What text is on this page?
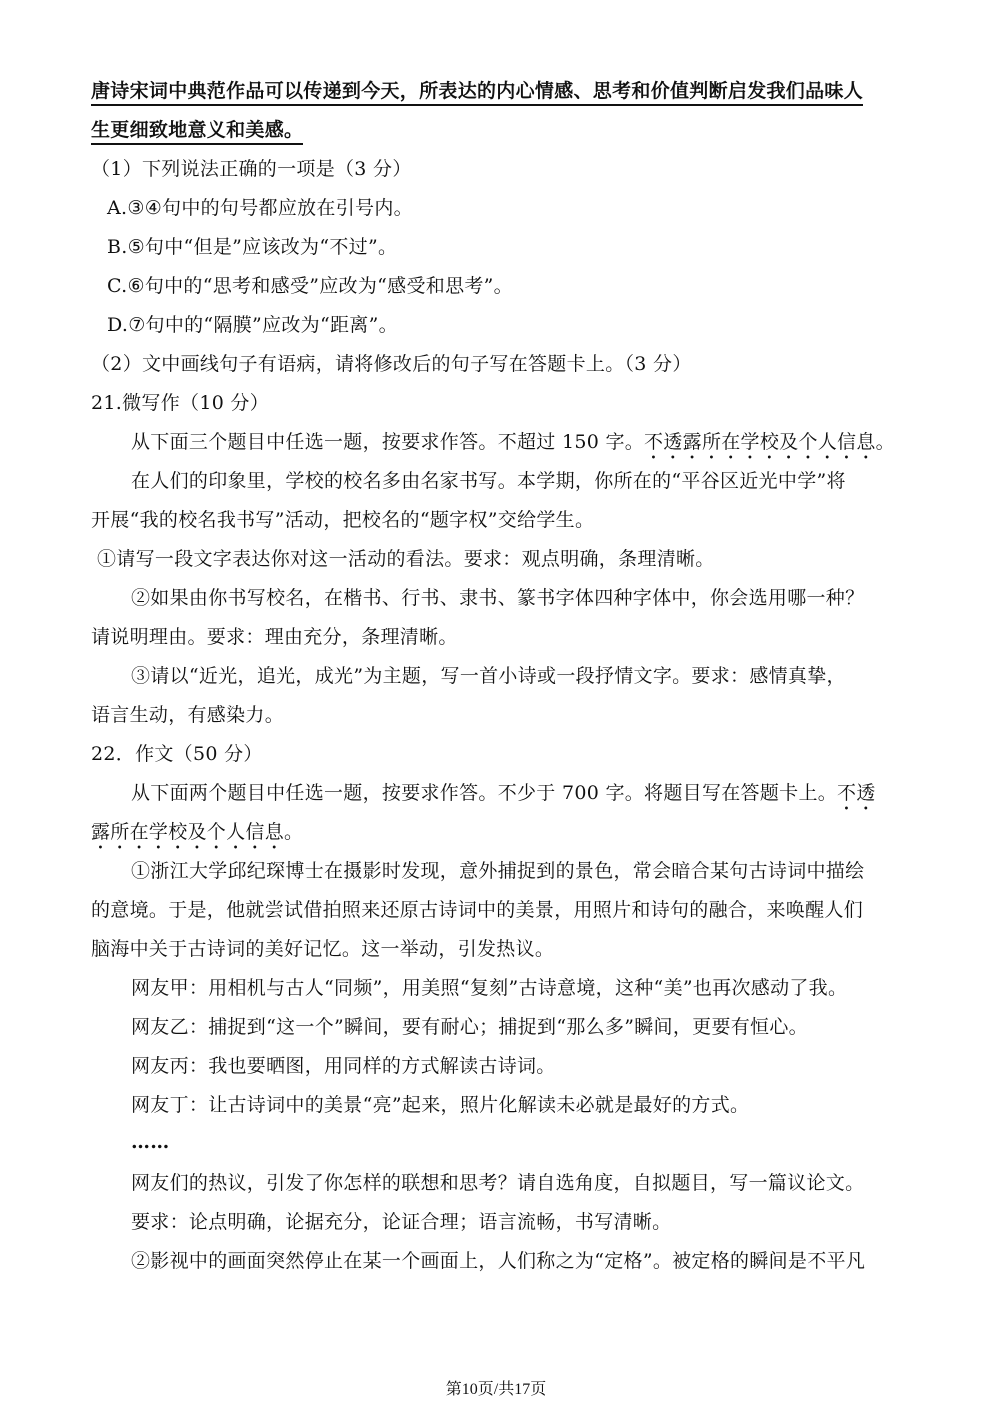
唐诗宋词中典范作品可以传递到今天，所表达的内心情感、思考和价值判断启发我们品味人
生更细致地意义和美感。
（1）下列说法正确的一项是（3 分）
A.③④句中的句号都应放在引号内。
B.⑤句中“但是”应该改为“不过”。
C.⑥句中的“思考和感受”应改为“感受和思考”。
D.⑦句中的“隔膜”应改为“距离”。
（2）文中画线句子有语病，请将修改后的句子写在答题卡上。（3 分）
21.微写作（10 分）
从下面三个题目中任选一题，按要求作答。不超过 150 字。不透露所在学校及个人信息。
在人们的印象里，学校的校名多由名家书写。本学期，你所在的“平谷区近光中学”将
开展“我的校名我书写”活动，把校名的“题字权”交给学生。
①请写一段文字表达你对这一活动的看法。要求：观点明确，条理清晰。
②如果由你书写校名，在楷书、行书、隶书、篆书字体四种字体中，你会选用哪一种？
请说明理由。要求：理由充分，条理清晰。
③请以“近光，追光，成光”为主题，写一首小诗或一段抒情文字。要求：感情真挚，
语言生动，有感染力。
22．作文（50 分）
从下面两个题目中任选一题，按要求作答。不少于 700 字。将题目写在答题卡上。不透
露所在学校及个人信息。
①浙江大学邱纪琛博士在摄影时发现，意外捕捉到的景色，常会暗合某句古诗词中描绘
的意境。于是，他就尝试借拍照来还原古诗词中的美景，用照片和诗句的融合，来唤醒人们
脑海中关于古诗词的美好记忆。这一举动，引发热议。
网友甲：用相机与古人“同频”，用美照“复刻”古诗意境，这种“美”也再次感动了我。
网友乙：捕捉到“这一个”瞬间，要有耐心；捕捉到“那么多”瞬间，更要有恒心。
网友丙：我也要晒图，用同样的方式解读古诗词。
网友丁：让古诗词中的美景“亮”起来，照片化解读未必就是最好的方式。
……
网友们的热议，引发了你怎样的联想和思考？请自选角度，自拟题目，写一篇议论文。
要求：论点明确，论据充分，论证合理；语言流畅，书写清晰。
②影视中的画面突然停止在某一个画面上，人们称之为“定格”。被定格的瞬间是不平凡
第10页/共17页
